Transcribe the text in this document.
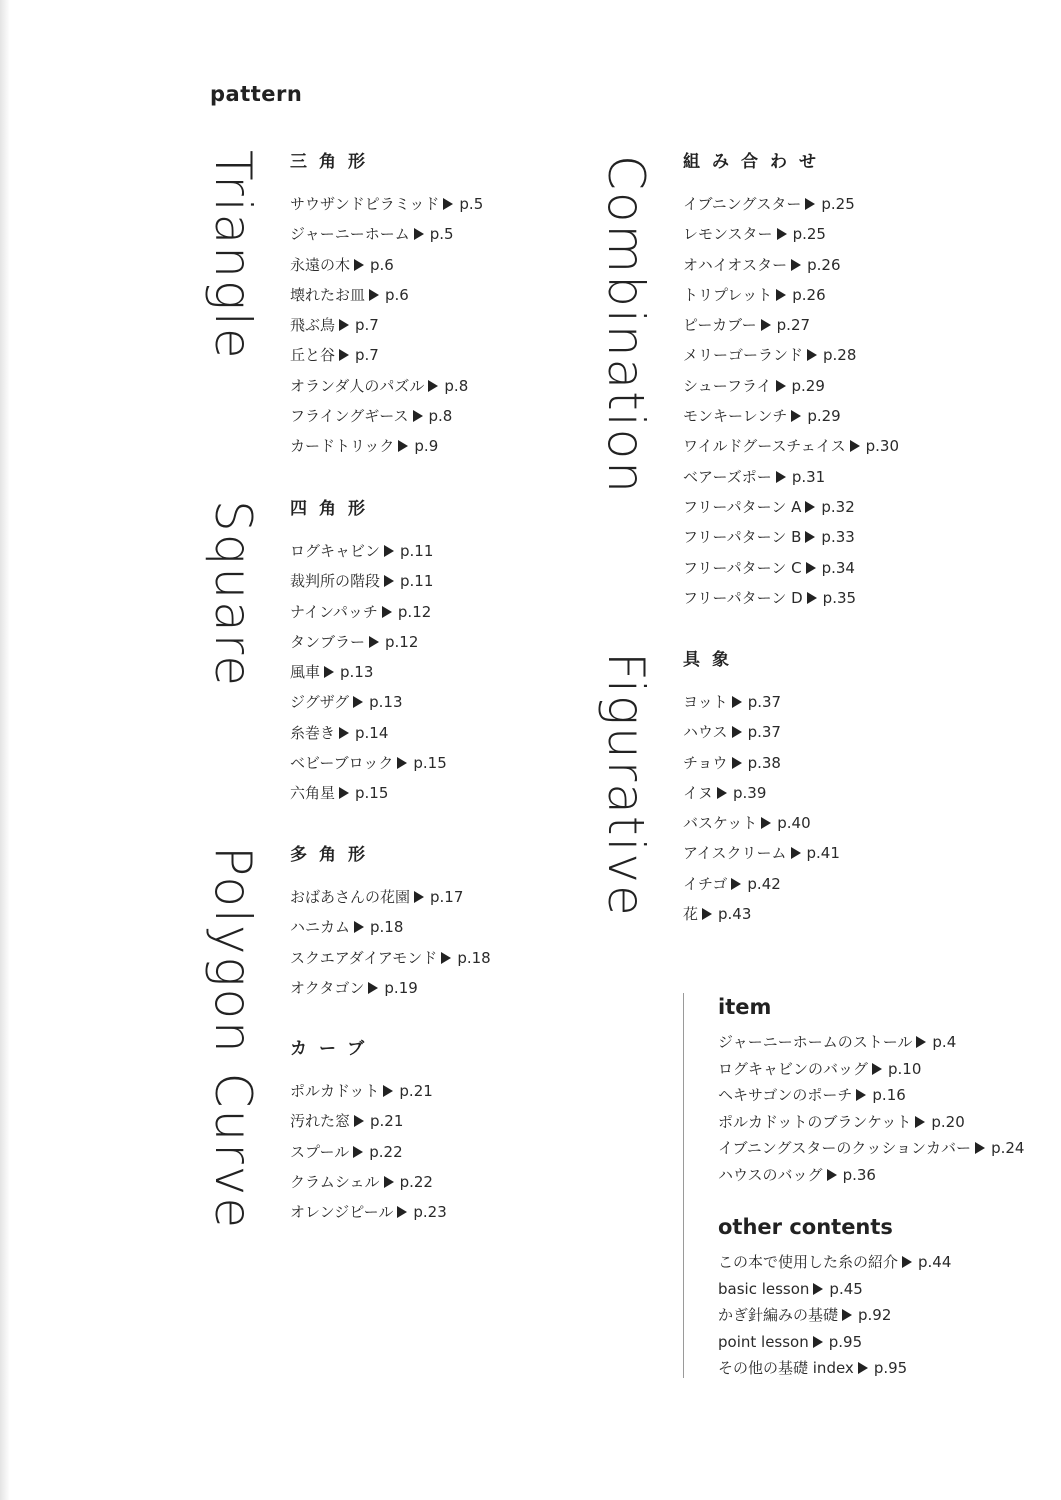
pattern
Triangle
Square
Polygon Curve
Combination
Figurative
三角形
サウザンドピラミッド p.5
ジャーニーホーム p.5
永遠の木 p.6
壊れたお皿 p.6
飛ぶ鳥 p.7
丘と谷 p.7
オランダ人のパズル p.8
フライングギース p.8
カードトリック p.9
四角形
ログキャビン p.11
裁判所の階段 p.11
ナインパッチ p.12
タンブラー p.12
風車 p.13
ジグザグ p.13
糸巻き p.14
ベビーブロック p.15
六角星 p.15
多角形
おばあさんの花園 p.17
ハニカム p.18
スクエアダイアモンド p.18
オクタゴン p.19
カーブ
ポルカドット p.21
汚れた窓 p.21
スプール p.22
クラムシェル p.22
オレンジピール p.23
組み合わせ
イブニングスター p.25
レモンスター p.25
オハイオスター p.26
トリプレット p.26
ピーカブー p.27
メリーゴーランド p.28
シューフライ p.29
モンキーレンチ p.29
ワイルドグースチェイス p.30
ベアーズポー p.31
フリーパターン A p.32
フリーパターン B p.33
フリーパターン C p.34
フリーパターン D p.35
具象
ヨット p.37
ハウス p.37
チョウ p.38
イヌ p.39
バスケット p.40
アイスクリーム p.41
イチゴ p.42
花 p.43
item
ジャーニーホームのストール p.4
ログキャビンのバッグ p.10
ヘキサゴンのポーチ p.16
ポルカドットのブランケット p.20
イブニングスターのクッションカバー p.24
ハウスのバッグ p.36
other contents
この本で使用した糸の紹介 p.44
basic lesson p.45
かぎ針編みの基礎 p.92
point lesson p.95
その他の基礎 index p.95
